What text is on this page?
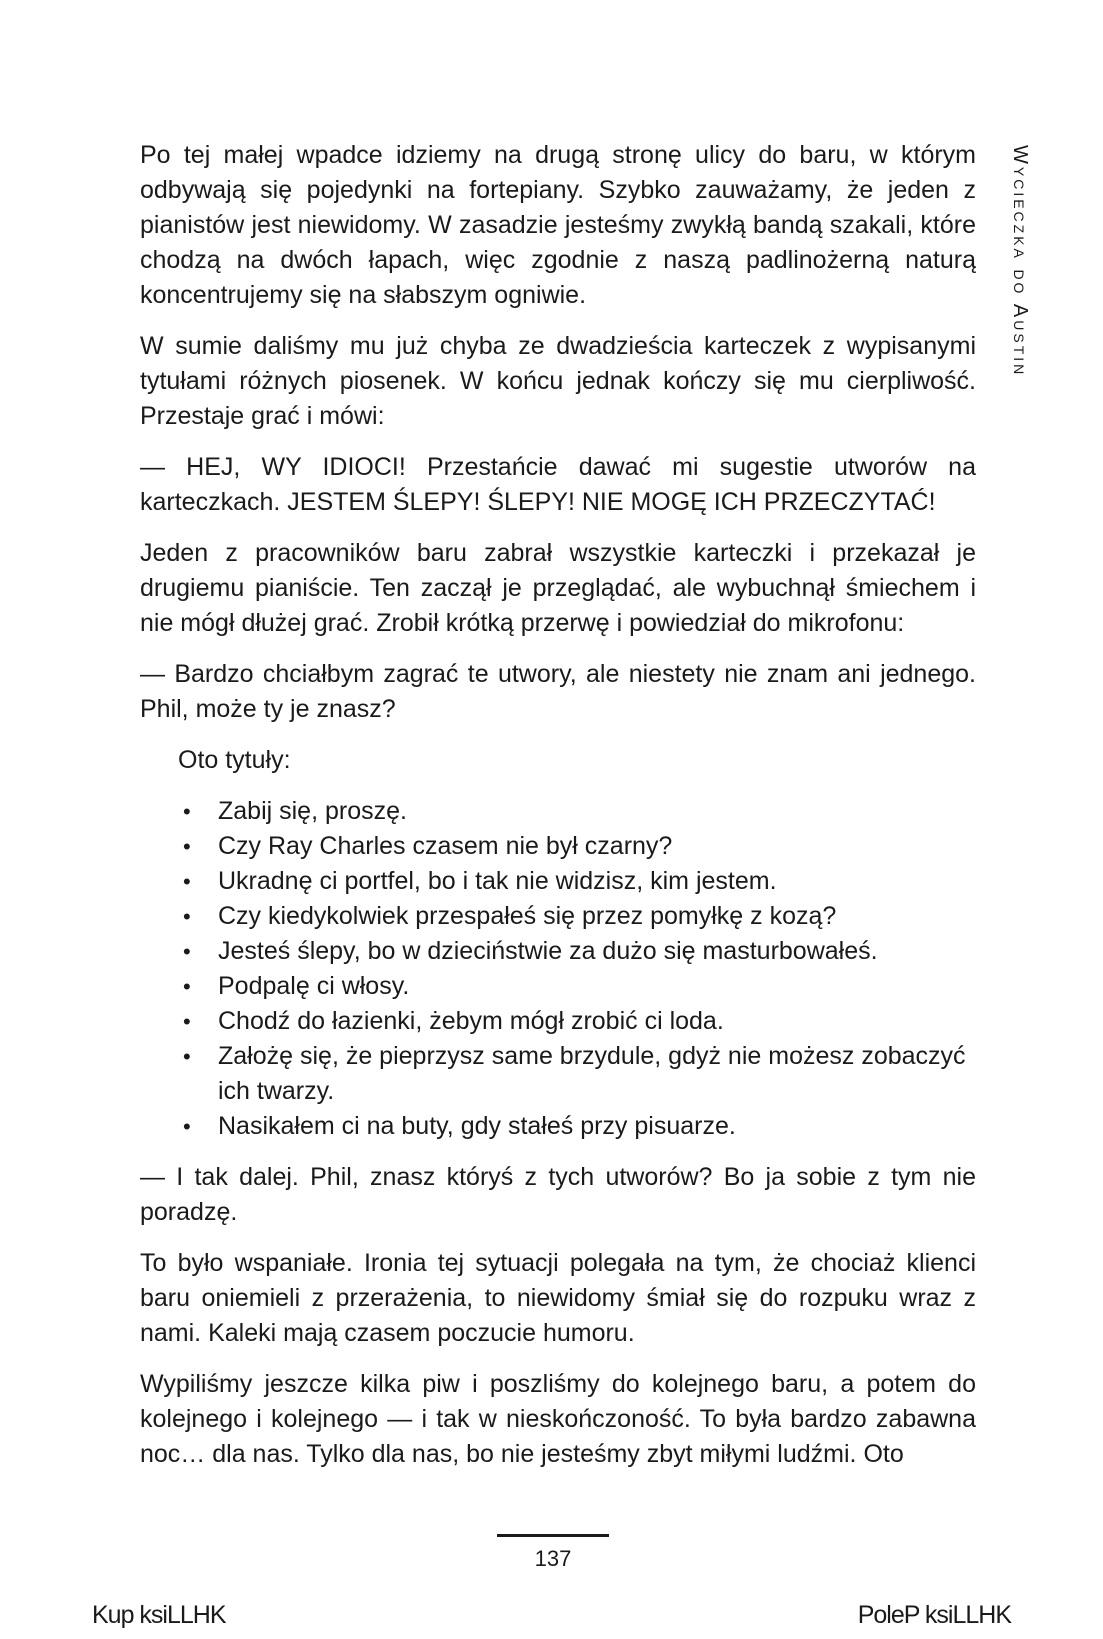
Wycieczka do Austin

Po tej małej wpadce idziemy na drugą stronę ulicy do baru, w którym odbywają się pojedynki na fortepiany. Szybko zauważamy, że jeden z pianistów jest niewidomy. W zasadzie jesteśmy zwykłą bandą szakali, które chodzą na dwóch łapach, więc zgodnie z naszą padlinożerną naturą koncentrujemy się na słabszym ogniwie.

W sumie daliśmy mu już chyba ze dwadzieścia karteczek z wypisanymi tytułami różnych piosenek. W końcu jednak kończy się mu cierpliwość. Przestaje grać i mówi:

— HEJ, WY IDIOCI! Przestańcie dawać mi sugestie utworów na karteczkach. JESTEM ŚLEPY! ŚLEPY! NIE MOGĘ ICH PRZECZYTAĆ!

Jeden z pracowników baru zabrał wszystkie karteczki i przekazał je drugiemu pianiście. Ten zaczął je przeglądać, ale wybuchnął śmiechem i nie mógł dłużej grać. Zrobił krótką przerwę i powiedział do mikrofonu:

— Bardzo chciałbym zagrać te utwory, ale niestety nie znam ani jednego. Phil, może ty je znasz?

Oto tytuły:

• Zabij się, proszę.
• Czy Ray Charles czasem nie był czarny?
• Ukradnę ci portfel, bo i tak nie widzisz, kim jestem.
• Czy kiedykolwiek przespałeś się przez pomyłkę z kozą?
• Jesteś ślepy, bo w dzieciństwie za dużo się masturbowałeś.
• Podpalę ci włosy.
• Chodź do łazienki, żebym mógł zrobić ci loda.
• Założę się, że pieprzysz same brzydule, gdyż nie możesz zobaczyć ich twarzy.
• Nasikałem ci na buty, gdy stałeś przy pisuarze.

— I tak dalej. Phil, znasz któryś z tych utworów? Bo ja sobie z tym nie poradzę.

To było wspaniałe. Ironia tej sytuacji polegała na tym, że chociaż klienci baru oniemieli z przerażenia, to niewidomy śmiał się do rozpuku wraz z nami. Kaleki mają czasem poczucie humoru.

Wypiliśmy jeszcze kilka piw i poszliśmy do kolejnego baru, a potem do kolejnego i kolejnego — i tak w nieskończoność. To była bardzo zabawna noc… dla nas. Tylko dla nas, bo nie jesteśmy zbyt miłymi ludźmi. Oto

137
Kup ksiLLHK	PoleP ksiLLHK
